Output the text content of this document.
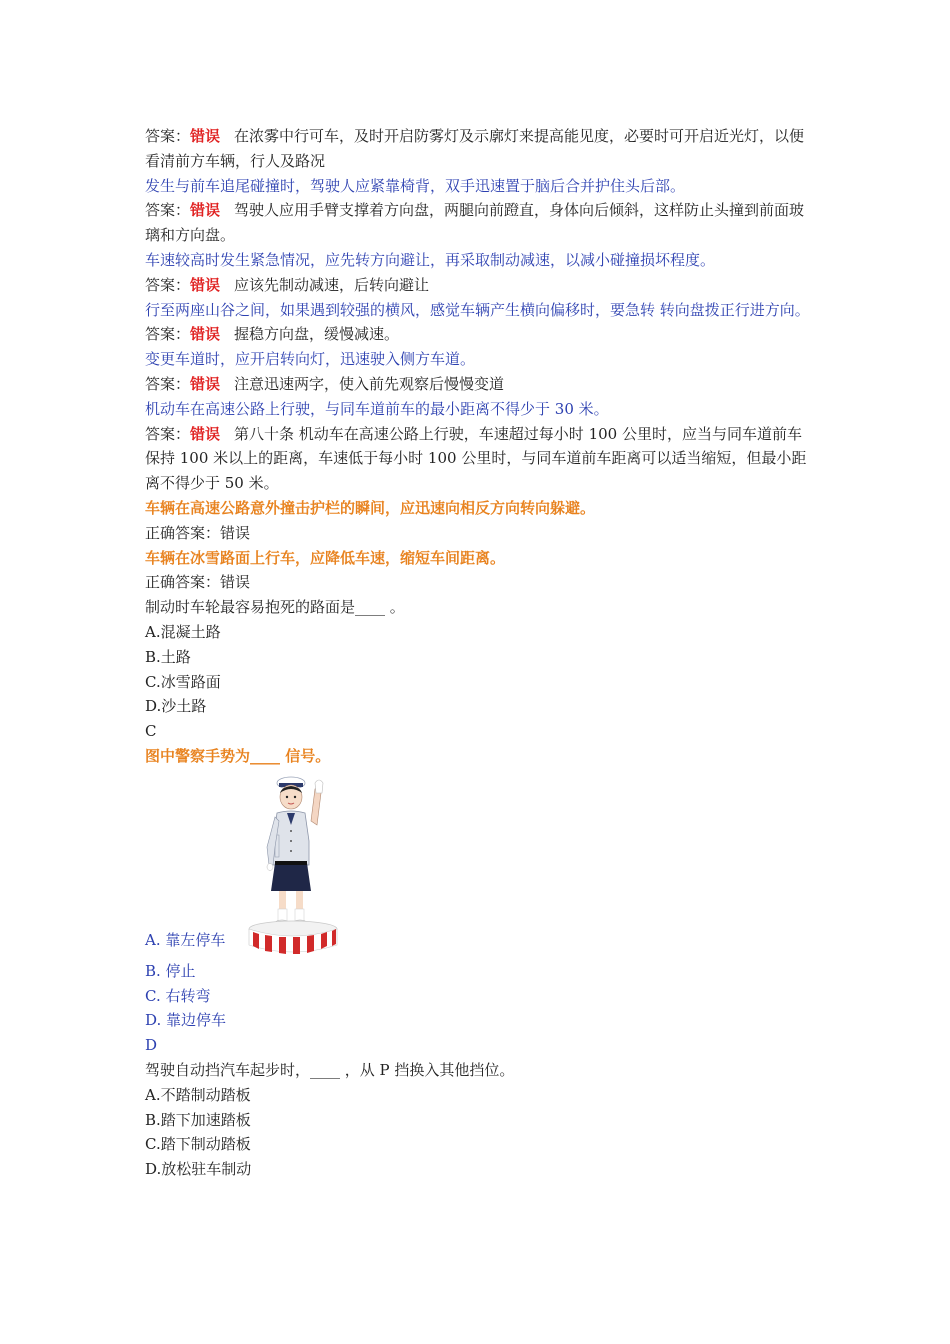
答案：错误 在浓雾中行可车，及时开启防雾灯及示廓灯来提高能见度，必要时可开启近光灯，以便看清前方车辆，行人及路况

发生与前车追尾碰撞时，驾驶人应紧靠椅背，双手迅速置于脑后合并护住头后部。

答案：错误 驾驶人应用手臂支撑着方向盘，两腿向前蹬直，身体向后倾斜，这样防止头撞到前面玻璃和方向盘。

车速较高时发生紧急情况，应先转方向避让，再采取制动减速，以减小碰撞损坏程度。

答案：错误 应该先制动减速，后转向避让

行至两座山谷之间，如果遇到较强的横风，感觉车辆产生横向偏移时，要急转 转向盘拨正行进方向。

答案：错误 握稳方向盘，缓慢减速。

变更车道时，应开启转向灯，迅速驶入侧方车道。

答案：错误 注意迅速两字，使入前先观察后慢慢变道

机动车在高速公路上行驶，与同车道前车的最小距离不得少于 30 米。

答案：错误 第八十条 机动车在高速公路上行驶，车速超过每小时 100 公里时，应当与同车道前车保持 100 米以上的距离，车速低于每小时 100 公里时，与同车道前车距离可以适当缩短，但最小距离不得少于 50 米。

车辆在高速公路意外撞击护栏的瞬间，应迅速向相反方向转向躲避。

正确答案：错误

车辆在冰雪路面上行车，应降低车速，缩短车间距离。

正确答案：错误

制动时车轮最容易抱死的路面是____ 。

A.混凝土路

B.土路

C.冰雪路面

D.沙土路

C

图中警察手势为____ 信号。

A. 靠左停车

B. 停止

C. 右转弯

D. 靠边停车

D

驾驶自动挡汽车起步时，____ ，从 P 挡换入其他挡位。

A.不踏制动踏板

B.踏下加速踏板

C.踏下制动踏板

D.放松驻车制动
